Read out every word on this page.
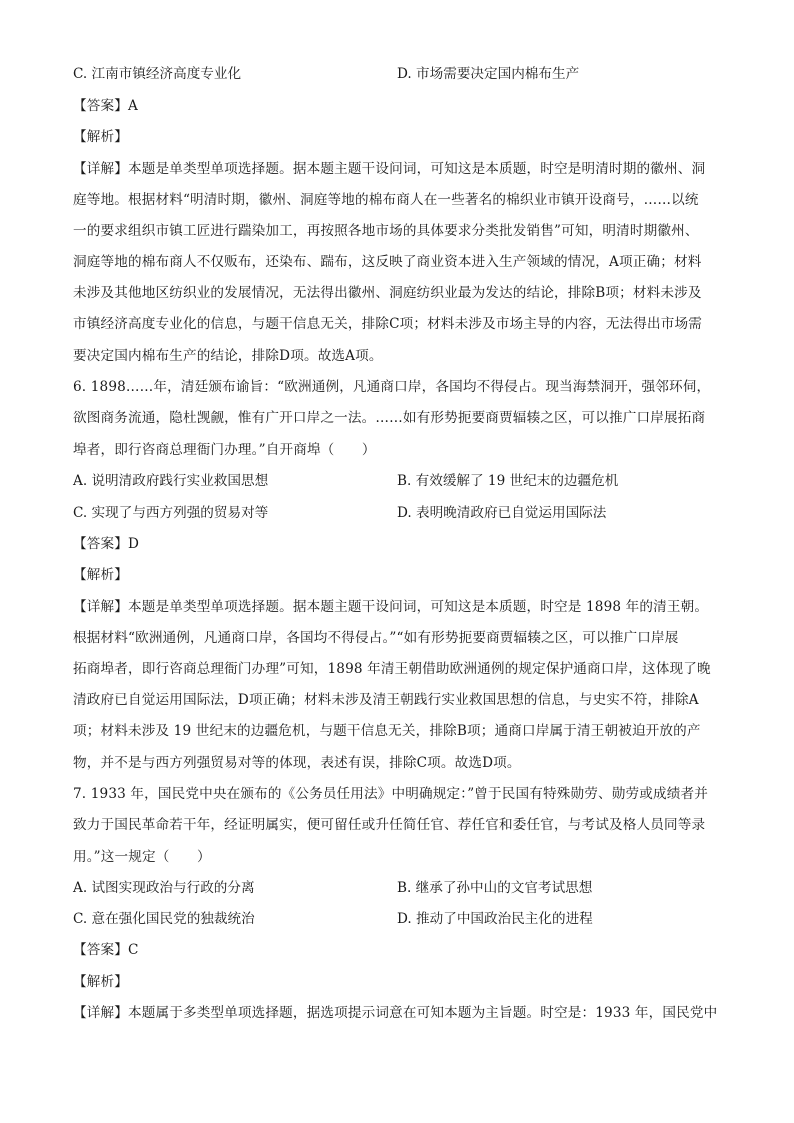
C. 江南市镇经济高度专业化	D. 市场需要决定国内棉布生产
【答案】A
【解析】
【详解】本题是单类型单项选择题。据本题主题干设问词，可知这是本质题，时空是明清时期的徽州、洞
庭等地。根据材料“明清时期，徽州、洞庭等地的棉布商人在一些著名的棉织业市镇开设商号，……以统
一的要求组织市镇工匠进行踹染加工，再按照各地市场的具体要求分类批发销售”可知，明清时期徽州、
洞庭等地的棉布商人不仅贩布，还染布、踹布，这反映了商业资本进入生产领域的情况，A项正确；材料
未涉及其他地区纺织业的发展情况，无法得出徽州、洞庭纺织业最为发达的结论，排除B项；材料未涉及
市镇经济高度专业化的信息，与题干信息无关，排除C项；材料未涉及市场主导的内容，无法得出市场需
要决定国内棉布生产的结论，排除D项。故选A项。
6. 1898……年，清廷颁布谕旨：“欧洲通例，凡通商口岸，各国均不得侵占。现当海禁洞开，强邻环伺，
欲图商务流通，隐杜觊觎，惟有广开口岸之一法。……如有形势扼要商贾辐辏之区，可以推广口岸展拓商
埠者，即行咨商总理衙门办理。”自开商埠（　　）
A. 说明清政府践行实业救国思想	B. 有效缓解了 19 世纪末的边疆危机
C. 实现了与西方列强的贸易对等	D. 表明晚清政府已自觉运用国际法
【答案】D
【解析】
【详解】本题是单类型单项选择题。据本题主题干设问词，可知这是本质题，时空是 1898 年的清王朝。
根据材料“欧洲通例，凡通商口岸，各国均不得侵占。”“如有形势扼要商贾辐辏之区，可以推广口岸展
拓商埠者，即行咨商总理衙门办理”可知，1898 年清王朝借助欧洲通例的规定保护通商口岸，这体现了晚
清政府已自觉运用国际法，D项正确；材料未涉及清王朝践行实业救国思想的信息，与史实不符，排除A
项；材料未涉及 19 世纪末的边疆危机，与题干信息无关，排除B项；通商口岸属于清王朝被迫开放的产
物，并不是与西方列强贸易对等的体现，表述有误，排除C项。故选D项。
7. 1933 年，国民党中央在颁布的《公务员任用法》中明确规定：”曾于民国有特殊勋劳、勋劳或成绩者并
致力于国民革命若干年，经证明属实，便可留任或升任简任官、荐任官和委任官，与考试及格人员同等录
用。”这一规定（　　）
A. 试图实现政治与行政的分离	B. 继承了孙中山的文官考试思想
C. 意在强化国民党的独裁统治	D. 推动了中国政治民主化的进程
【答案】C
【解析】
【详解】本题属于多类型单项选择题，据选项提示词意在可知本题为主旨题。时空是：1933 年，国民党中
